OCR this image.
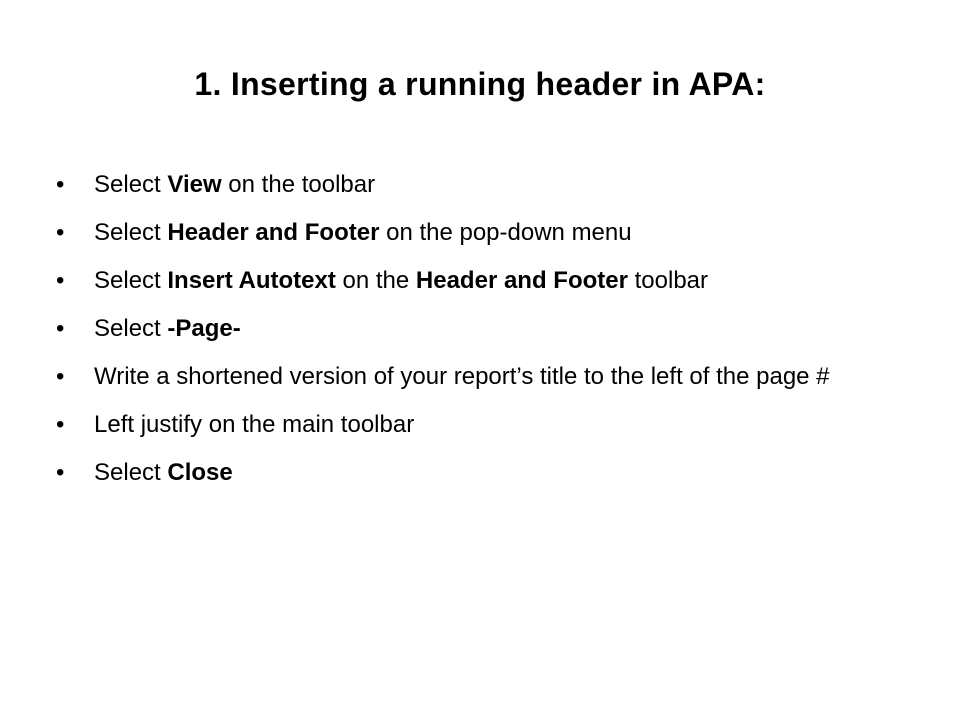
1. Inserting a running header in APA:
• Select View on the toolbar
• Select Header and Footer on the pop-down menu
• Select Insert Autotext on the Header and Footer toolbar
• Select -Page-
• Write a shortened version of your report’s title to the left of the page #
• Left justify on the main toolbar
• Select Close
